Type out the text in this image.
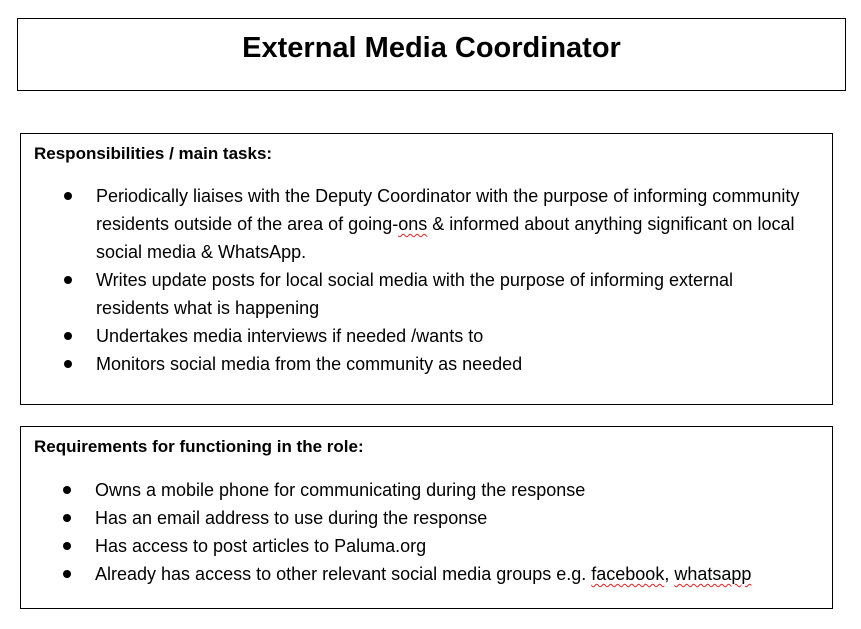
External Media Coordinator
Responsibilities / main tasks:
Periodically liaises with the Deputy Coordinator with the purpose of informing community residents outside of the area of going-ons & informed about anything significant on local social media & WhatsApp.
Writes update posts for local social media with the purpose of informing external residents what is happening
Undertakes media interviews if needed /wants to
Monitors social media from the community as needed
Requirements for functioning in the role:
Owns a mobile phone for communicating during the response
Has an email address to use during the response
Has access to post articles to Paluma.org
Already has access to other relevant social media groups e.g. facebook, whatsapp
